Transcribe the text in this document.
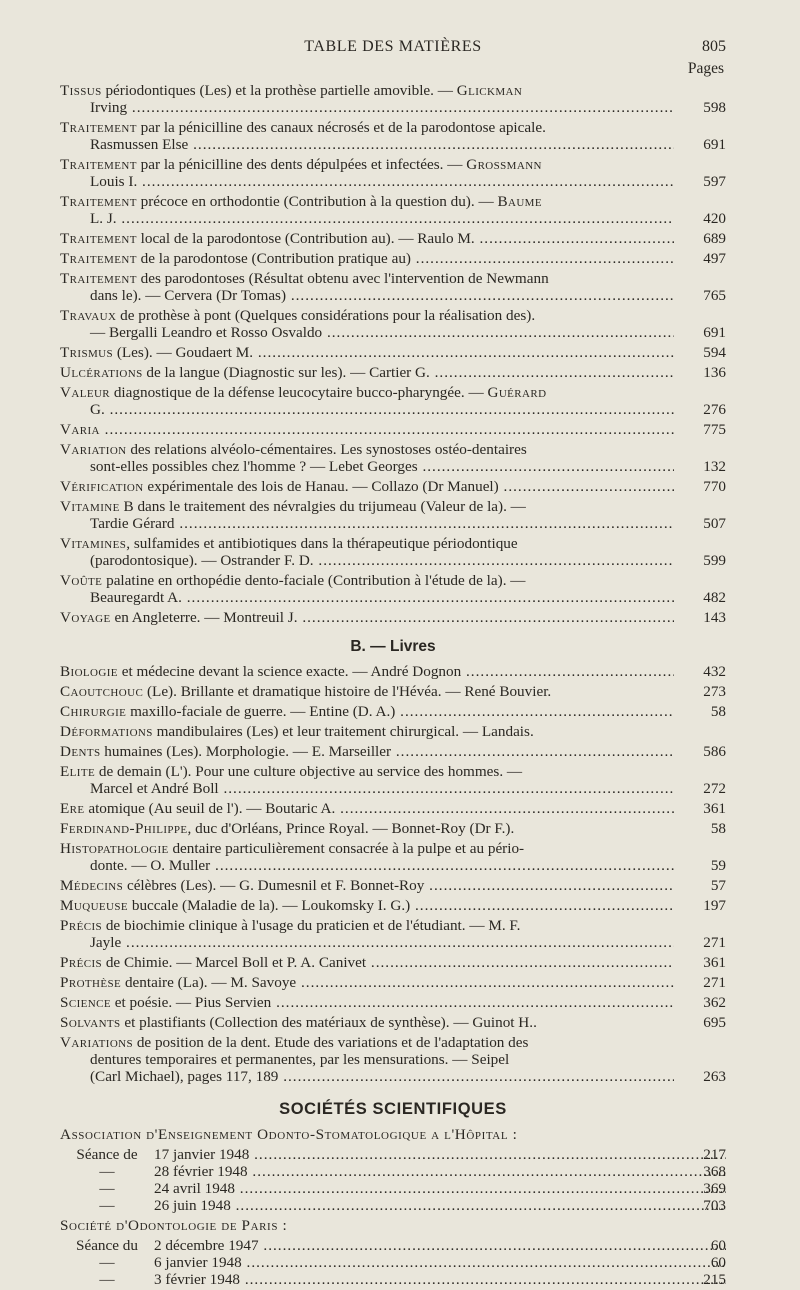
TABLE DES MATIÈRES	805
Pages
Tissus périodontiques (Les) et la prothèse partielle amovible. — Glickman
Irving .....	598
Traitement par la pénicilline des canaux nécrosés et de la parodontose apicale.
Rasmussen Else .....	691
Traitement par la pénicilline des dents dépulpées et infectées. — Grossmann
Louis I. .....	597
Traitement précoce en orthodontie (Contribution à la question du). — Baume
L. J. .....	420
Traitement local de la parodontose (Contribution au). — Raulo M. .....	689
Traitement de la parodontose (Contribution pratique au) .....	497
Traitement des parodontoses (Résultat obtenu avec l'intervention de Newmann
dans le). — Cervera (Dr Tomas) .....	765
Travaux de prothèse à pont (Quelques considérations pour la réalisation des).
— Bergalli Leandro et Rosso Osvaldo .....	691
Trismus (Les). — Goudaert M. .....	594
Ulcérations de la langue (Diagnostic sur les). — Cartier G. .....	136
Valeur diagnostique de la défense leucocytaire bucco-pharyngée. — Guérard
G. .....	276
Varia .....	775
Variation des relations alvéolo-cémentaires. Les synostoses ostéo-dentaires
sont-elles possibles chez l'homme ? — Lebet Georges .....	132
Vérification expérimentale des lois de Hanau. — Collazo (Dr Manuel) .....	770
Vitamine B dans le traitement des névralgies du trijumeau (Valeur de la). —
Tardie Gérard .....	507
Vitamines, sulfamides et antibiotiques dans la thérapeutique périodontique
(parodontosique). — Ostrander F. D. .....	599
Voûte palatine en orthopédie dento-faciale (Contribution à l'étude de la). —
Beauregardt A. .....	482
Voyage en Angleterre. — Montreuil J. .....	143
B. — Livres
Biologie et médecine devant la science exacte. — André Dognon .....	432
Caoutchouc (Le). Brillante et dramatique histoire de l'Hévéa. — René Bouvier.	273
Chirurgie maxillo-faciale de guerre. — Entine (D. A.) .....	58
Déformations mandibulaires (Les) et leur traitement chirurgical. — Landais.
Dents humaines (Les). Morphologie. — E. Marseiller .....	586
Elite de demain (L'). Pour une culture objective au service des hommes. —
Marcel et André Boll .....	272
Ere atomique (Au seuil de l'). — Boutaric A. .....	361
Ferdinand-Philippe, duc d'Orléans, Prince Royal. — Bonnet-Roy (Dr F.).	58
Histopathologie dentaire particulièrement consacrée à la pulpe et au pério-
donte. — O. Muller .....	59
Médecins célèbres (Les). — G. Dumesnil et F. Bonnet-Roy .....	57
Muqueuse buccale (Maladie de la). — Loukomsky I. G.) .....	197
Précis de biochimie clinique à l'usage du praticien et de l'étudiant. — M. F.
Jayle .....	271
Précis de Chimie. — Marcel Boll et P. A. Canivet .....	361
Prothèse dentaire (La). — M. Savoye .....	271
Science et poésie. — Pius Servien .....	362
Solvants et plastifiants (Collection des matériaux de synthèse). — Guinot H..	695
Variations de position de la dent. Etude des variations et de l'adaptation des
dentures temporaires et permanentes, par les mensurations. — Seipel
(Carl Michael), pages 117, 189 .....	263
SOCIÉTÉS SCIENTIFIQUES
Association d'Enseignement Odonto-Stomatologique a l'Hôpital :
Séance de 17 janvier 1948 .....	217
—	28 février 1948 .....	368
—	24 avril 1948 .....	369
—	26 juin 1948 .....	703
Société d'Odontologie de Paris :
Séance du 2 décembre 1947 .....	60
—	6 janvier 1948 .....	60
—	3 février 1948 .....	215
